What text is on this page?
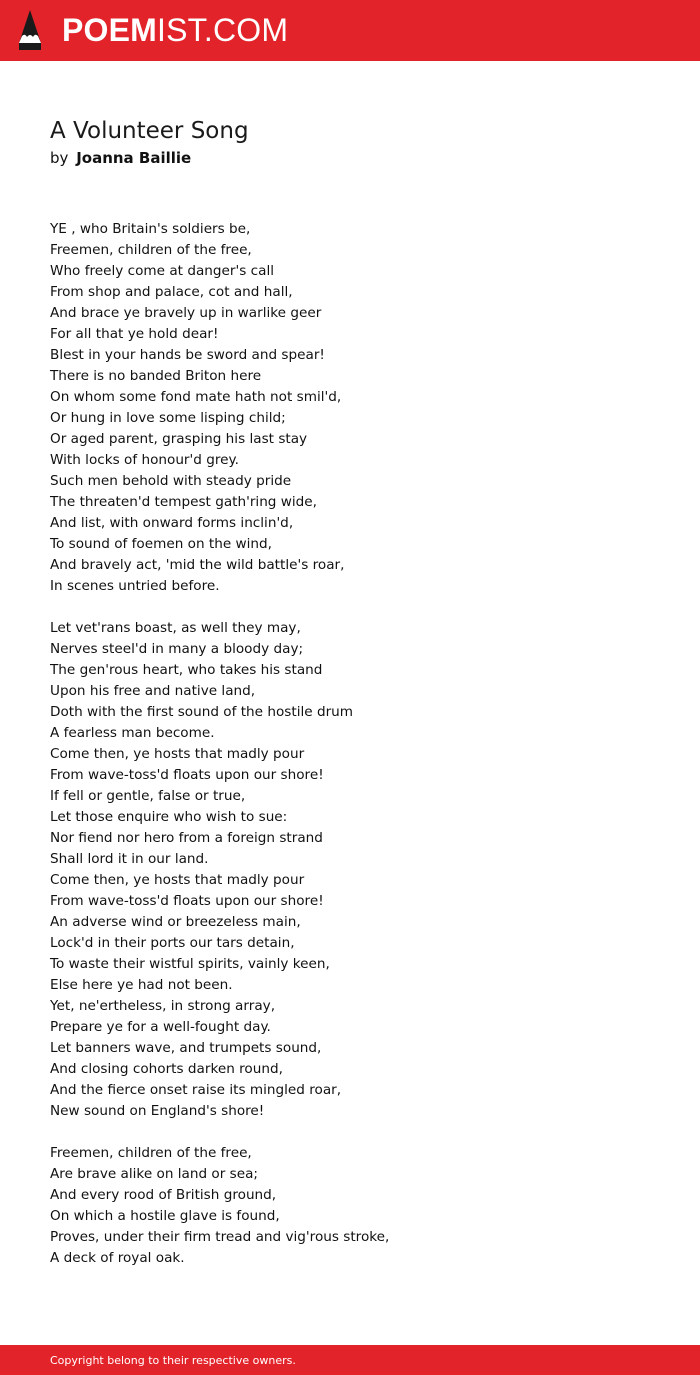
POEMIST.COM
A Volunteer Song
by Joanna Baillie
YE , who Britain's soldiers be,
Freemen, children of the free,
Who freely come at danger's call
From shop and palace, cot and hall,
And brace ye bravely up in warlike geer
For all that ye hold dear!
Blest in your hands be sword and spear!
There is no banded Briton here
On whom some fond mate hath not smil'd,
Or hung in love some lisping child;
Or aged parent, grasping his last stay
With locks of honour'd grey.
Such men behold with steady pride
The threaten'd tempest gath'ring wide,
And list, with onward forms inclin'd,
To sound of foemen on the wind,
And bravely act, 'mid the wild battle's roar,
In scenes untried before.
Let vet'rans boast, as well they may,
Nerves steel'd in many a bloody day;
The gen'rous heart, who takes his stand
Upon his free and native land,
Doth with the first sound of the hostile drum
A fearless man become.
Come then, ye hosts that madly pour
From wave-toss'd floats upon our shore!
If fell or gentle, false or true,
Let those enquire who wish to sue:
Nor fiend nor hero from a foreign strand
Shall lord it in our land.
Come then, ye hosts that madly pour
From wave-toss'd floats upon our shore!
An adverse wind or breezeless main,
Lock'd in their ports our tars detain,
To waste their wistful spirits, vainly keen,
Else here ye had not been.
Yet, ne'ertheless, in strong array,
Prepare ye for a well-fought day.
Let banners wave, and trumpets sound,
And closing cohorts darken round,
And the fierce onset raise its mingled roar,
New sound on England's shore!
Freemen, children of the free,
Are brave alike on land or sea;
And every rood of British ground,
On which a hostile glave is found,
Proves, under their firm tread and vig'rous stroke,
A deck of royal oak.
Copyright belong to their respective owners.
